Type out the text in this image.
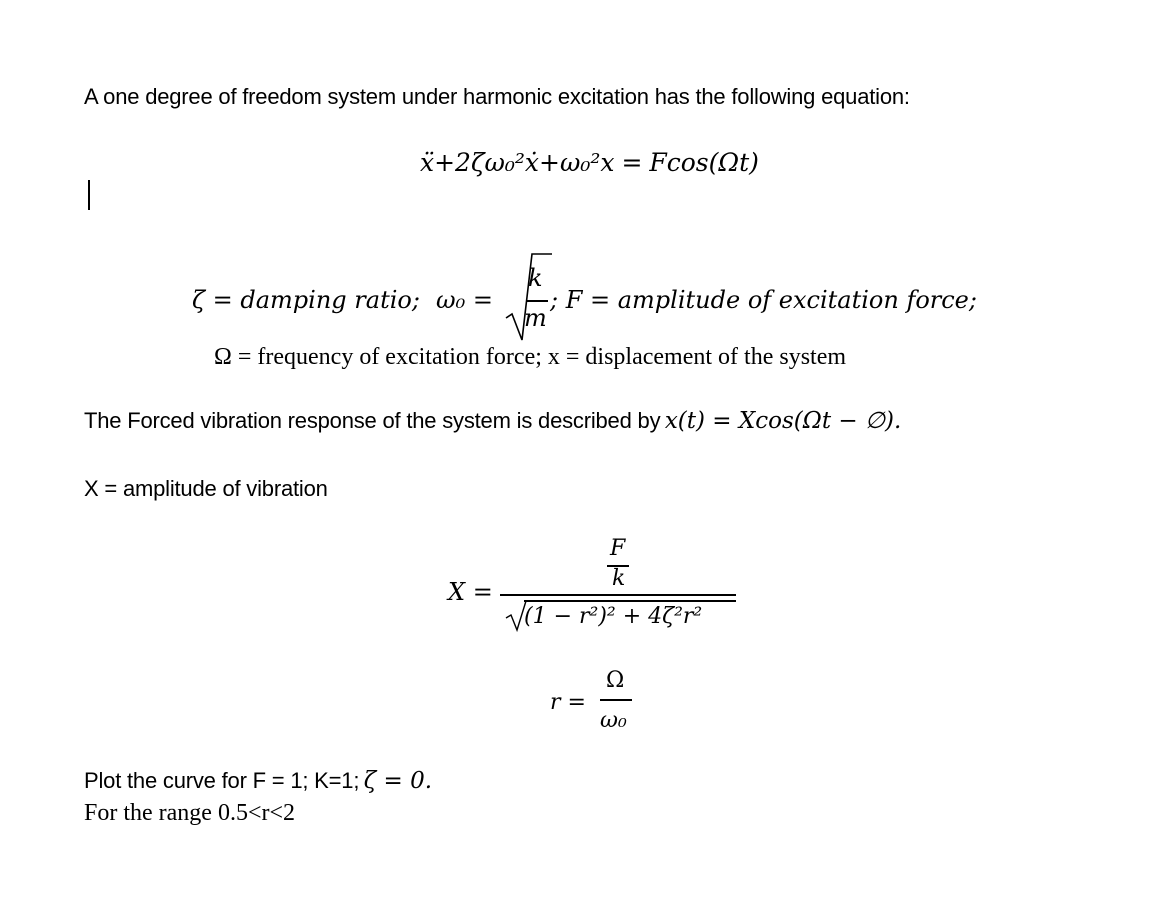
A one degree of freedom system under harmonic excitation has the following equation:
ẍ+2ζω₀²ẋ+ω₀²x = Fcos(Ωt)
ζ = damping ratio; ω₀ =
k
m
; F = amplitude of excitation force;
Ω = frequency of excitation force; x = displacement of the system
The Forced vibration response of the system is described by x(t) = Xcos(Ωt − ∅).
X = amplitude of vibration
X =
F
k
(1 − r²)² + 4ζ²r²
r =
Ω
ω₀
Plot the curve for F = 1; K=1; ζ = 0.
For the range 0.5<r<2
